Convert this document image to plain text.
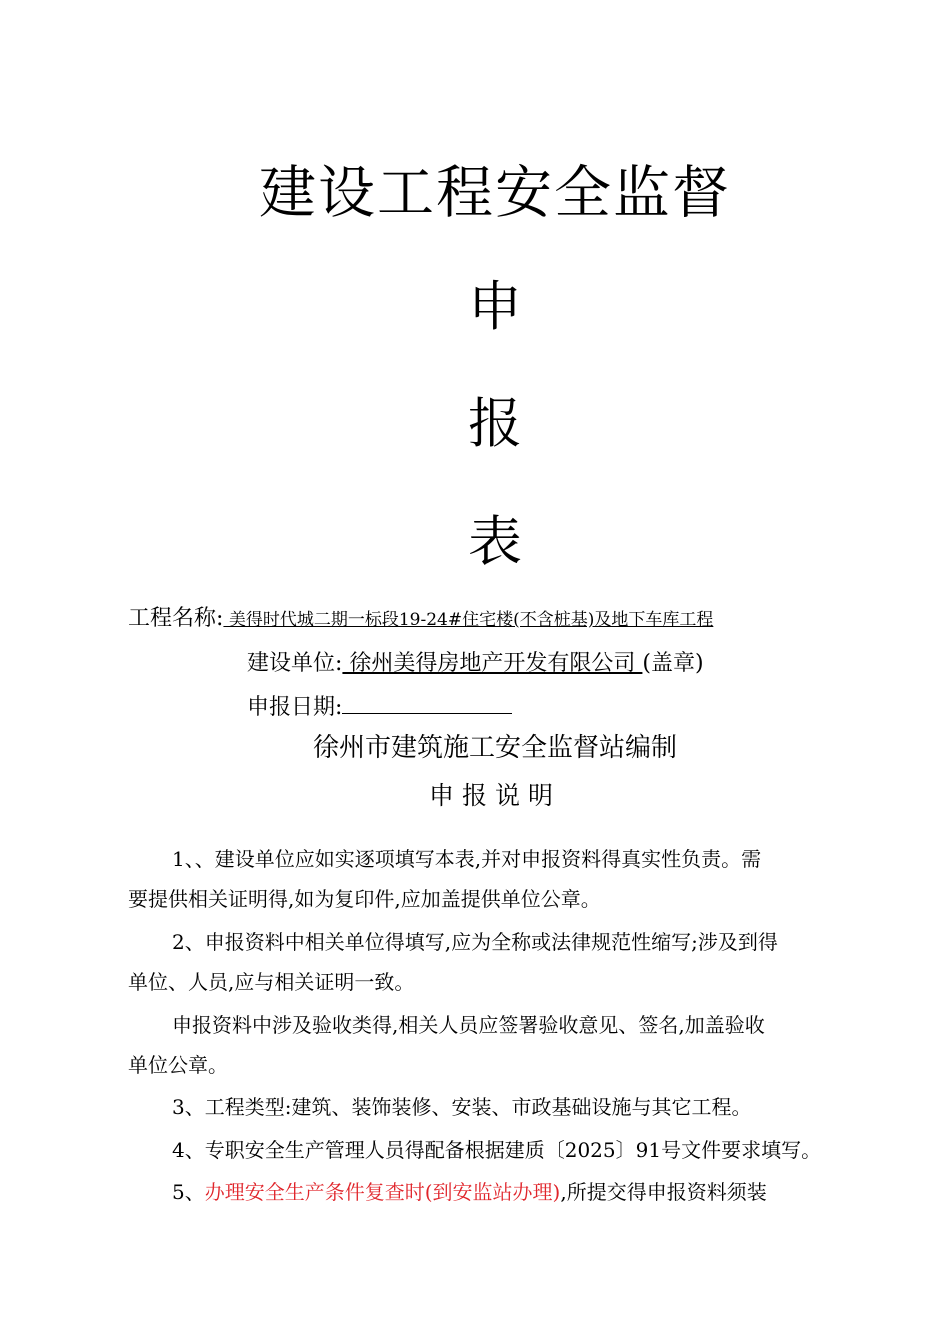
建设工程安全监督
申
报
表
工程名称: 美得时代城二期一标段19-24#住宅楼(不含桩基)及地下车库工程
建设单位: 徐州美得房地产开发有限公司 (盖章)
申报日期:
徐州市建筑施工安全监督站编制
申报说明
1、、建设单位应如实逐项填写本表,并对申报资料得真实性负责。需
要提供相关证明得,如为复印件,应加盖提供单位公章。
2、申报资料中相关单位得填写,应为全称或法律规范性缩写;涉及到得
单位、人员,应与相关证明一致。
申报资料中涉及验收类得,相关人员应签署验收意见、签名,加盖验收
单位公章。
3、工程类型:建筑、装饰装修、安装、市政基础设施与其它工程。
4、专职安全生产管理人员得配备根据建质〔2025〕91号文件要求填写。
5、办理安全生产条件复查时(到安监站办理),所提交得申报资料须装
